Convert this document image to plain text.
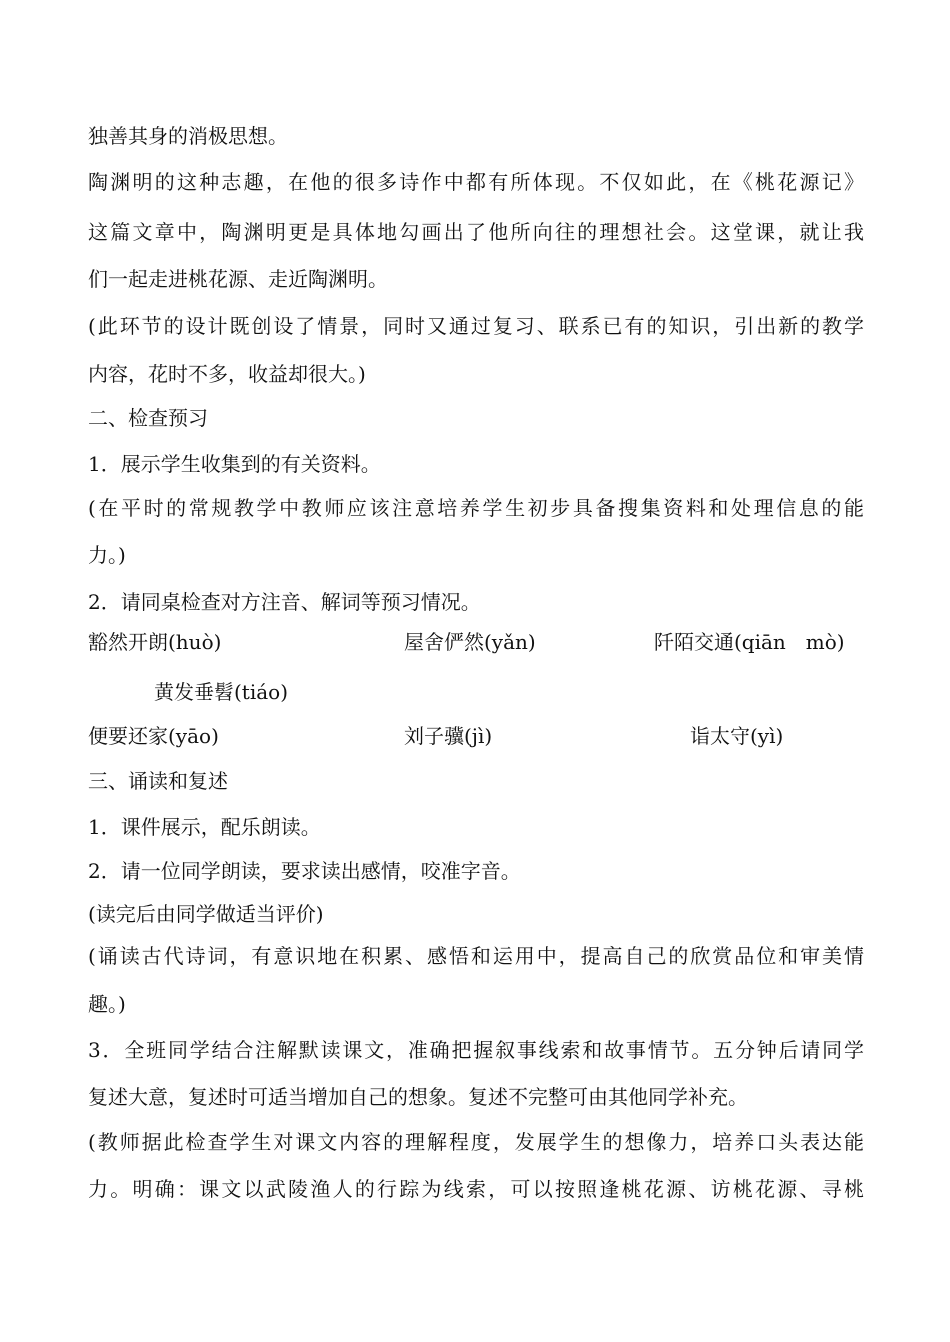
独善其身的消极思想。
陶渊明的这种志趣，在他的很多诗作中都有所体现。不仅如此，在《桃花源记》
这篇文章中，陶渊明更是具体地勾画出了他所向往的理想社会。这堂课，就让我
们一起走进桃花源、走近陶渊明。
(此环节的设计既创设了情景，同时又通过复习、联系已有的知识，引出新的教学
内容，花时不多，收益却很大。)
二、检查预习
1．展示学生收集到的有关资料。
(在平时的常规教学中教师应该注意培养学生初步具备搜集资料和处理信息的能
力。)
2．请同桌检查对方注音、解词等预习情况。
豁然开朗(huò)	屋舍俨然(yǎn)	阡陌交通(qiān　mò)
黄发垂髫(tiáo)
便要还家(yāo)	刘子骥(jì)	诣太守(yì)
三、诵读和复述
1．课件展示，配乐朗读。
2．请一位同学朗读，要求读出感情，咬准字音。
(读完后由同学做适当评价)
(诵读古代诗词，有意识地在积累、感悟和运用中，提高自己的欣赏品位和审美情
趣。)
3．全班同学结合注解默读课文，准确把握叙事线索和故事情节。五分钟后请同学
复述大意，复述时可适当增加自己的想象。复述不完整可由其他同学补充。
(教师据此检查学生对课文内容的理解程度，发展学生的想像力，培养口头表达能
力。明确：课文以武陵渔人的行踪为线索，可以按照逢桃花源、访桃花源、寻桃
